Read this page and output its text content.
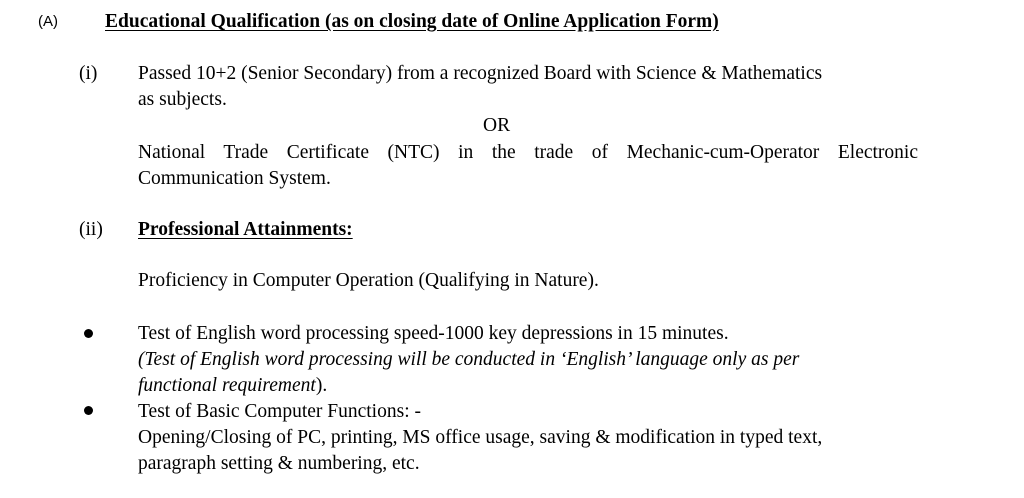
(A) Educational Qualification (as on closing date of Online Application Form)
(i) Passed 10+2 (Senior Secondary) from a recognized Board with Science & Mathematics
as subjects.
OR
National Trade Certificate (NTC) in the trade of Mechanic-cum-Operator Electronic
Communication System.
(ii) Professional Attainments:
Proficiency in Computer Operation (Qualifying in Nature).
Test of English word processing speed-1000 key depressions in 15 minutes.
(Test of English word processing will be conducted in ‘English’ language only as per
functional requirement).
Test of Basic Computer Functions: -
Opening/Closing of PC, printing, MS office usage, saving & modification in typed text,
paragraph setting & numbering, etc.
